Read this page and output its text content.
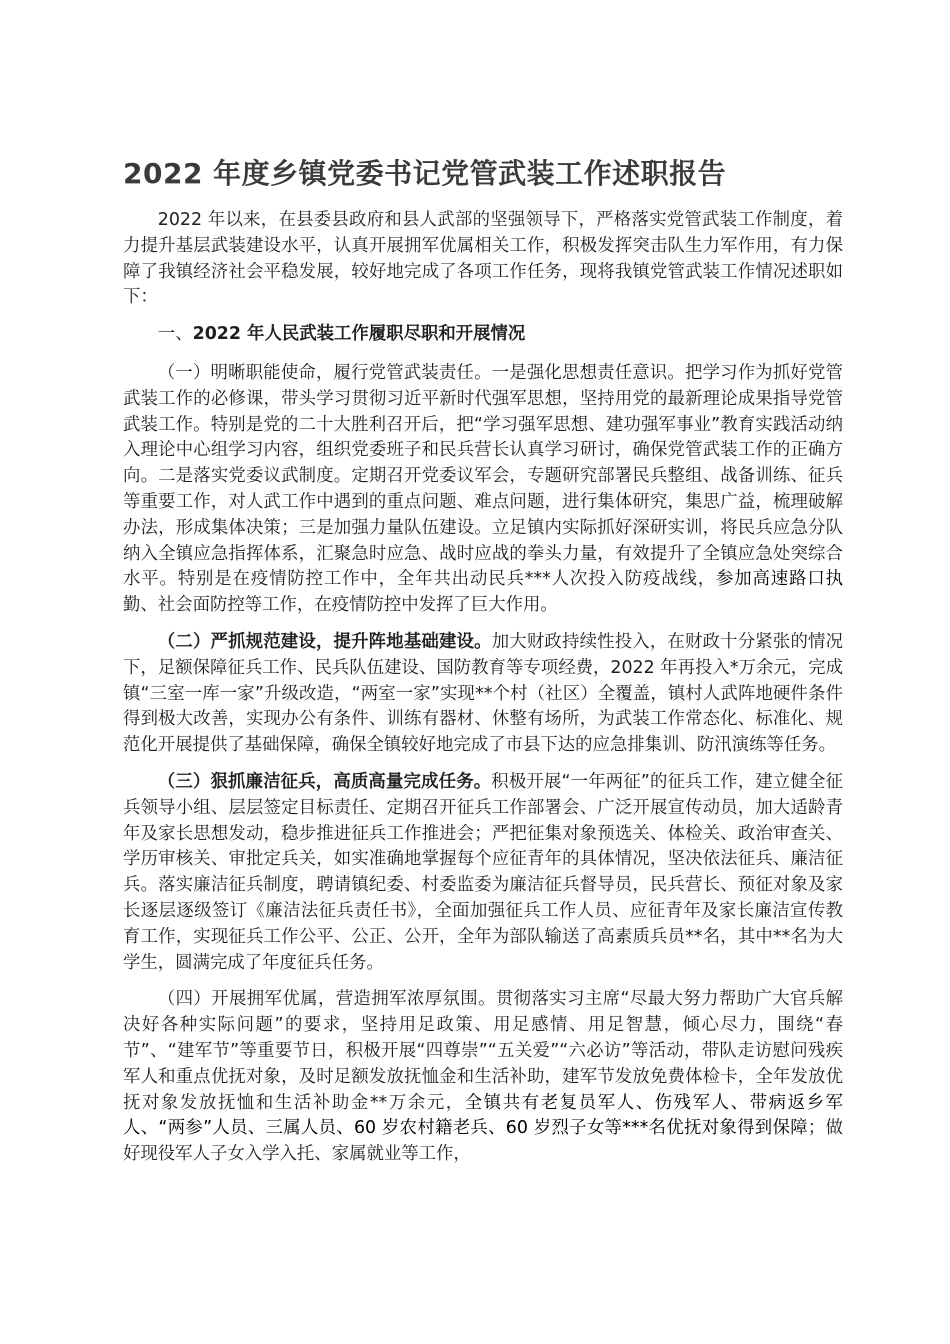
2022 年度乡镇党委书记党管武装工作述职报告

2022 年以来，在县委县政府和县人武部的坚强领导下，严格落实党管武装工作制度，着力提升基层武装建设水平，认真开展拥军优属相关工作，积极发挥突击队生力军作用，有力保障了我镇经济社会平稳发展，较好地完成了各项工作任务，现将我镇党管武装工作情况述职如下：

一、2022 年人民武装工作履职尽职和开展情况

（一）明晰职能使命，履行党管武装责任。一是强化思想责任意识。把学习作为抓好党管武装工作的必修课，带头学习贯彻习近平新时代强军思想，坚持用党的最新理论成果指导党管武装工作。特别是党的二十大胜利召开后，把“学习强军思想、建功强军事业”教育实践活动纳入理论中心组学习内容，组织党委班子和民兵营长认真学习研讨，确保党管武装工作的正确方向。二是落实党委议武制度。定期召开党委议军会，专题研究部署民兵整组、战备训练、征兵等重要工作，对人武工作中遇到的重点问题、难点问题，进行集体研究，集思广益，梳理破解办法，形成集体决策；三是加强力量队伍建设。立足镇内实际抓好深研实训，将民兵应急分队纳入全镇应急指挥体系，汇聚急时应急、战时应战的拳头力量，有效提升了全镇应急处突综合水平。特别是在疫情防控工作中，全年共出动民兵***人次投入防疫战线，参加高速路口执勤、社会面防控等工作，在疫情防控中发挥了巨大作用。

（二）严抓规范建设，提升阵地基础建设。加大财政持续性投入，在财政十分紧张的情况下，足额保障征兵工作、民兵队伍建设、国防教育等专项经费，2022 年再投入*万余元，完成镇“三室一库一家”升级改造，“两室一家”实现**个村（社区）全覆盖，镇村人武阵地硬件条件得到极大改善，实现办公有条件、训练有器材、休整有场所，为武装工作常态化、标准化、规范化开展提供了基础保障，确保全镇较好地完成了市县下达的应急排集训、防汛演练等任务。

（三）狠抓廉洁征兵，高质高量完成任务。积极开展“一年两征”的征兵工作，建立健全征兵领导小组、层层签定目标责任、定期召开征兵工作部署会、广泛开展宣传动员，加大适龄青年及家长思想发动，稳步推进征兵工作推进会；严把征集对象预选关、体检关、政治审查关、学历审核关、审批定兵关，如实准确地掌握每个应征青年的具体情况，坚决依法征兵、廉洁征兵。落实廉洁征兵制度，聘请镇纪委、村委监委为廉洁征兵督导员，民兵营长、预征对象及家长逐层逐级签订《廉洁法征兵责任书》，全面加强征兵工作人员、应征青年及家长廉洁宣传教育工作，实现征兵工作公平、公正、公开，全年为部队输送了高素质兵员**名，其中**名为大学生，圆满完成了年度征兵任务。

（四）开展拥军优属，营造拥军浓厚氛围。贯彻落实习主席“尽最大努力帮助广大官兵解决好各种实际问题”的要求，坚持用足政策、用足感情、用足智慧，倾心尽力，围绕“春节”、“建军节”等重要节日，积极开展“四尊崇”“五关爱”“六必访”等活动，带队走访慰问残疾军人和重点优抚对象，及时足额发放抚恤金和生活补助，建军节发放免费体检卡，全年发放优抚对象发放抚恤和生活补助金**万余元，全镇共有老复员军人、伤残军人、带病返乡军人、“两参”人员、三属人员、60 岁农村籍老兵、60 岁烈子女等***名优抚对象得到保障；做好现役军人子女入学入托、家属就业等工作，
